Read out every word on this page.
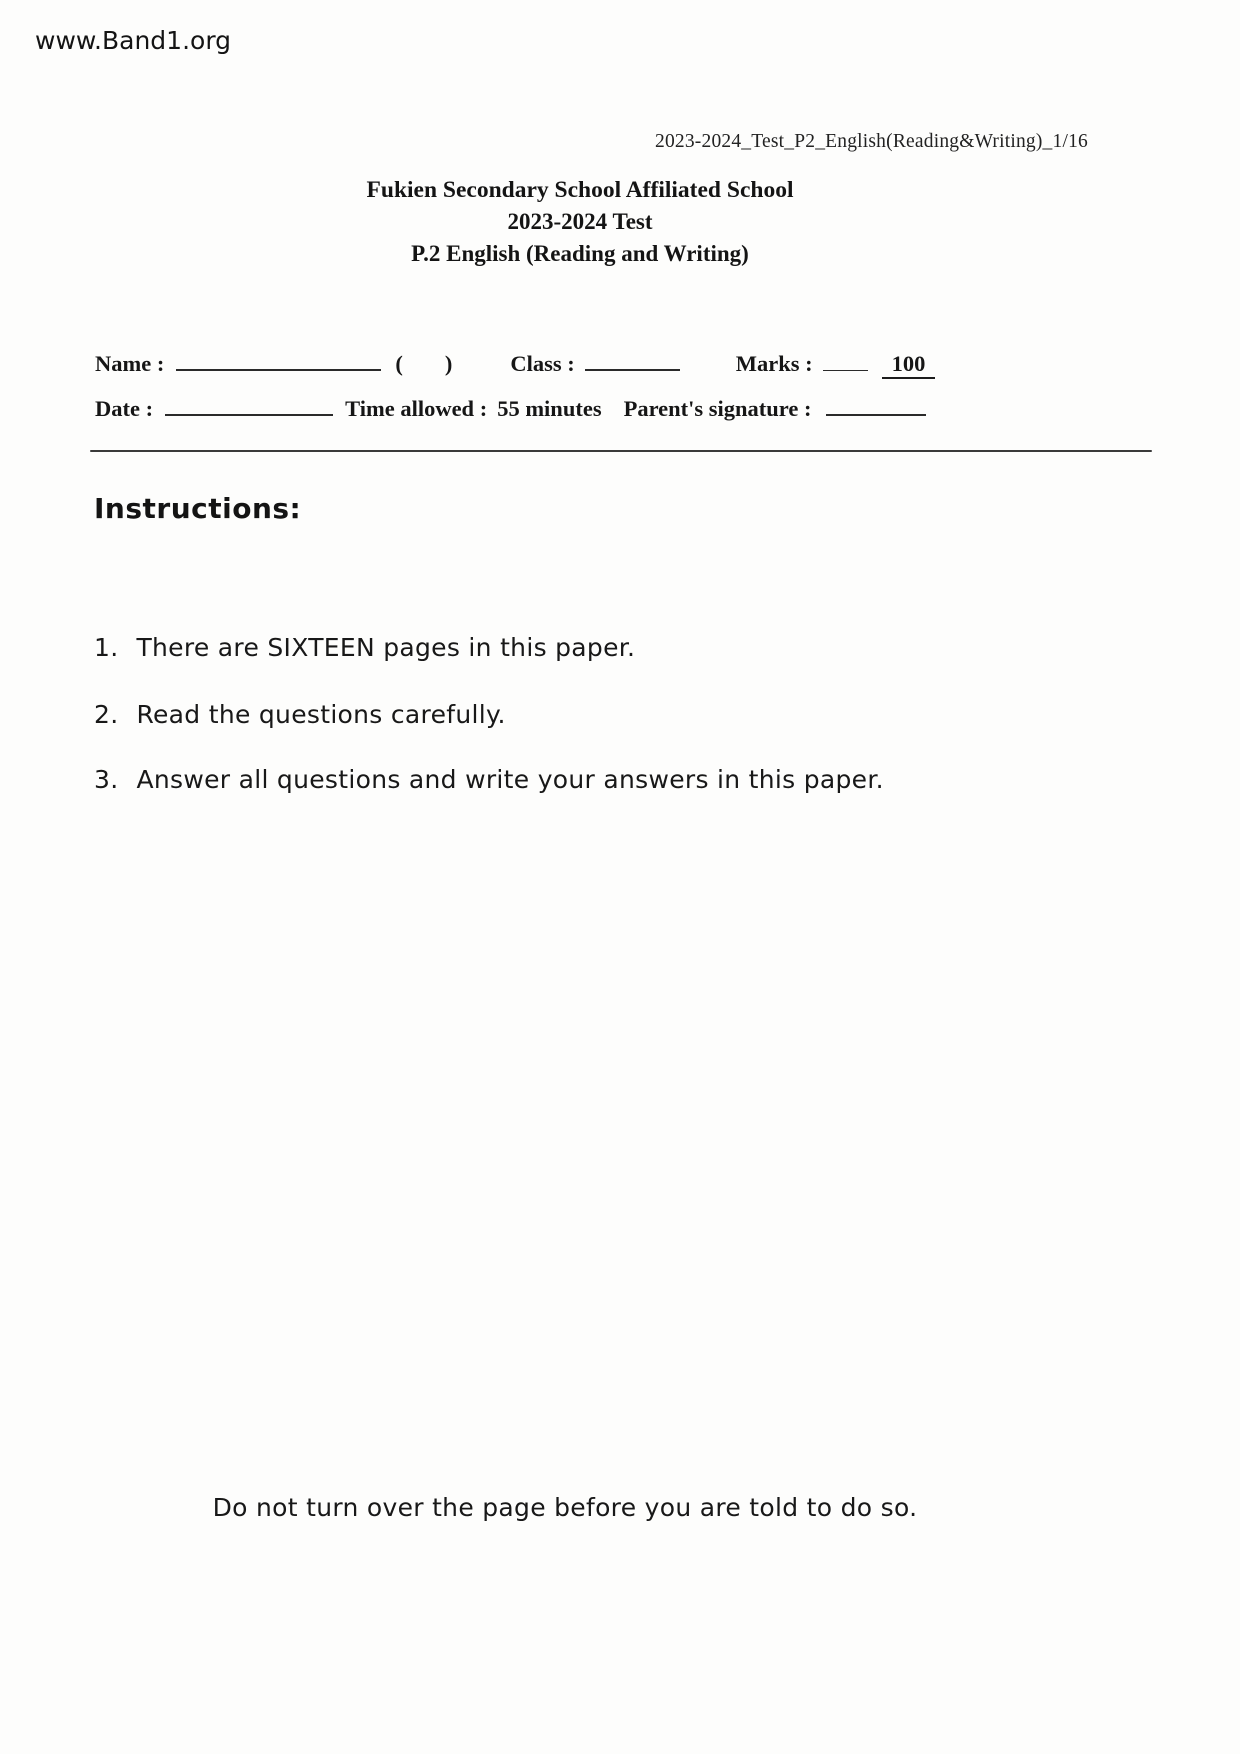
www.Band1.org
2023-2024_Test_P2_English(Reading&Writing)_1/16
Fukien Secondary School Affiliated School
2023-2024 Test
P.2 English (Reading and Writing)
Name :	( )	Class :	Marks :	100
Date :	Time allowed : 55 minutes Parent's signature :
Instructions:
1. There are SIXTEEN pages in this paper.
2. Read the questions carefully.
3. Answer all questions and write your answers in this paper.
Do not turn over the page before you are told to do so.
